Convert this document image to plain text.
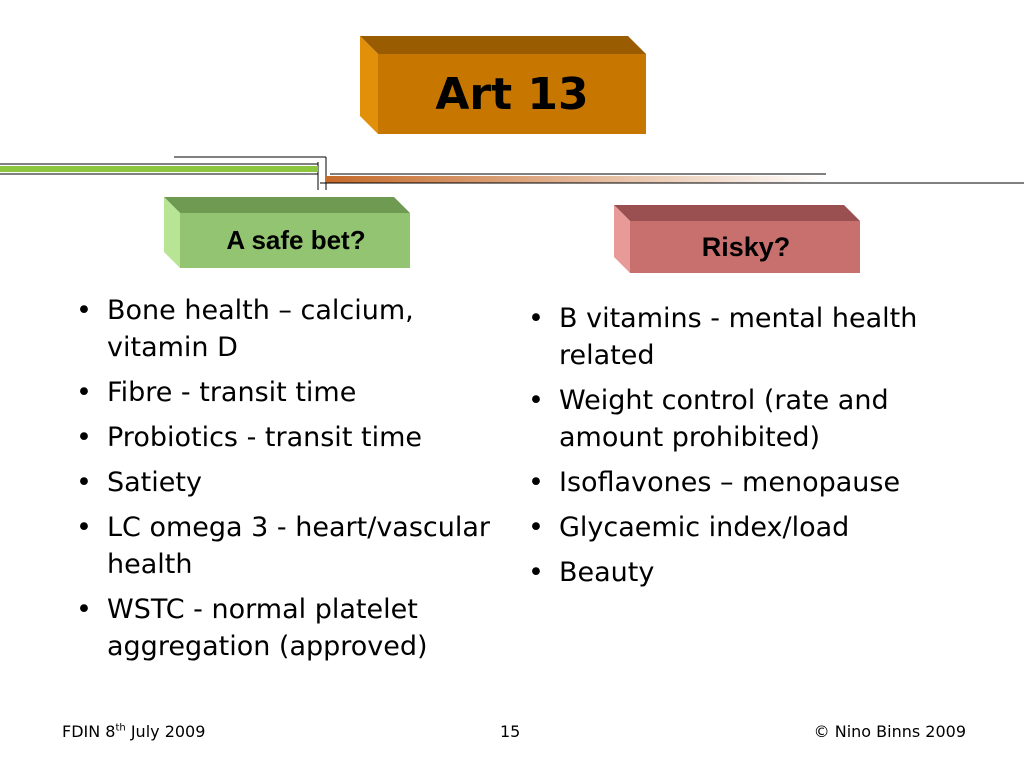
Art 13
A safe bet?	Risky?
• Bone health – calcium, vitamin D
• Fibre - transit time
• Probiotics - transit time
• Satiety
• LC omega 3 - heart/vascular health
• WSTC - normal platelet aggregation (approved)
• B vitamins - mental health related
• Weight control (rate and amount prohibited)
• Isoflavones – menopause
• Glycaemic index/load
• Beauty
FDIN 8th July 2009	15	© Nino Binns 2009
